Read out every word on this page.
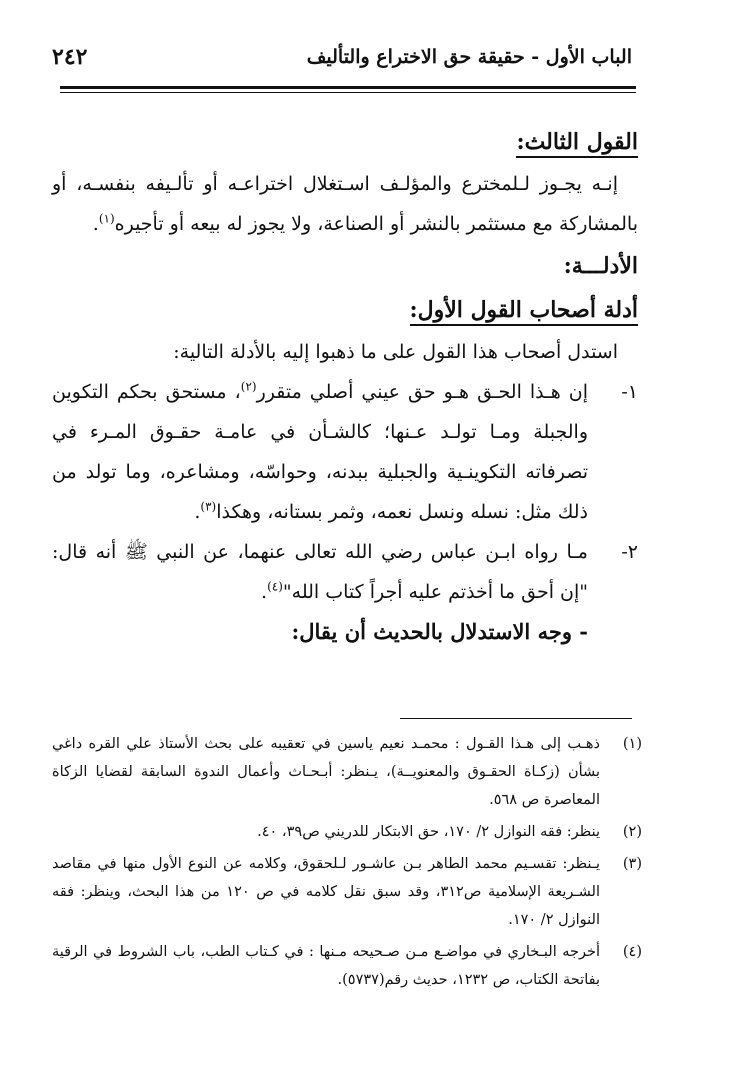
الباب الأول - حقيقة حق الاختراع والتأليف
٢٤٢
القول الثالث:

إنـه يجـوز لـلمخترع والمؤلـف اسـتغلال اختراعـه أو تألـيفه بنفسـه، أو بالمشاركة مع مستثمر بالنشر أو الصناعة، ولا يجوز له بيعه أو تأجيره$^{(١)}$.

الأدلـــة:
أدلة أصحاب القول الأول:

استدل أصحاب هذا القول على ما ذهبوا إليه بالأدلة التالية:

١-
إن هـذا الحـق هـو حق عيني أصلي متقرر$^{(٢)}$، مستحق بحكم التكوين والجبلة ومـا تولـد عـنها؛ كالشـأن في عامـة حقـوق المـرء في تصرفاته التكوينـية والجبلية ببدنه، وحواسّه، ومشاعره، وما تولد من ذلك مثل: نسله ونسل نعمه، وثمر بستانه، وهكذا$^{(٣)}$.
٢-
مـا رواه ابـن عباس رضي الله تعالى عنهما، عن النبي ﷺ أنه قال: "إن أحق ما أخذتم عليه أجراً كتاب الله"$^{(٤)}$.
- وجه الاستدلال بالحديث أن يقال:
(١)
ذهـب إلى هـذا القـول : محمـد نعيم ياسين في تعقيبه على بحث الأستاذ علي القره داغي بشأن (زكـاة الحقـوق والمعنويــة)، يـنظر: أبـحـاث وأعمال الندوة السابقة لقضايا الزكاة المعاصرة ص ٥٦٨.
(٢)
ينظر: فقه النوازل ٢/ ١٧٠، حق الابتكار للدريني ص٣٩، ٤٠.
(٣)
يـنظر: تقسـيم محمد الطاهر بـن عاشـور لـلحقوق، وكلامه عن النوع الأول منها في مقاصد الشـريعة الإسلامية ص٣١٢، وقد سبق نقل كلامه في ص ١٢٠ من هذا البحث، وينظر: فقه النوازل ٢/ ١٧٠.
(٤)
أخرجه البـخاري في مواضـع مـن صـحيحه مـنها : في كـتاب الطب، باب الشروط في الرقية بفاتحة الكتاب، ص ١٢٣٢، حديث رقم(٥٧٣٧).
